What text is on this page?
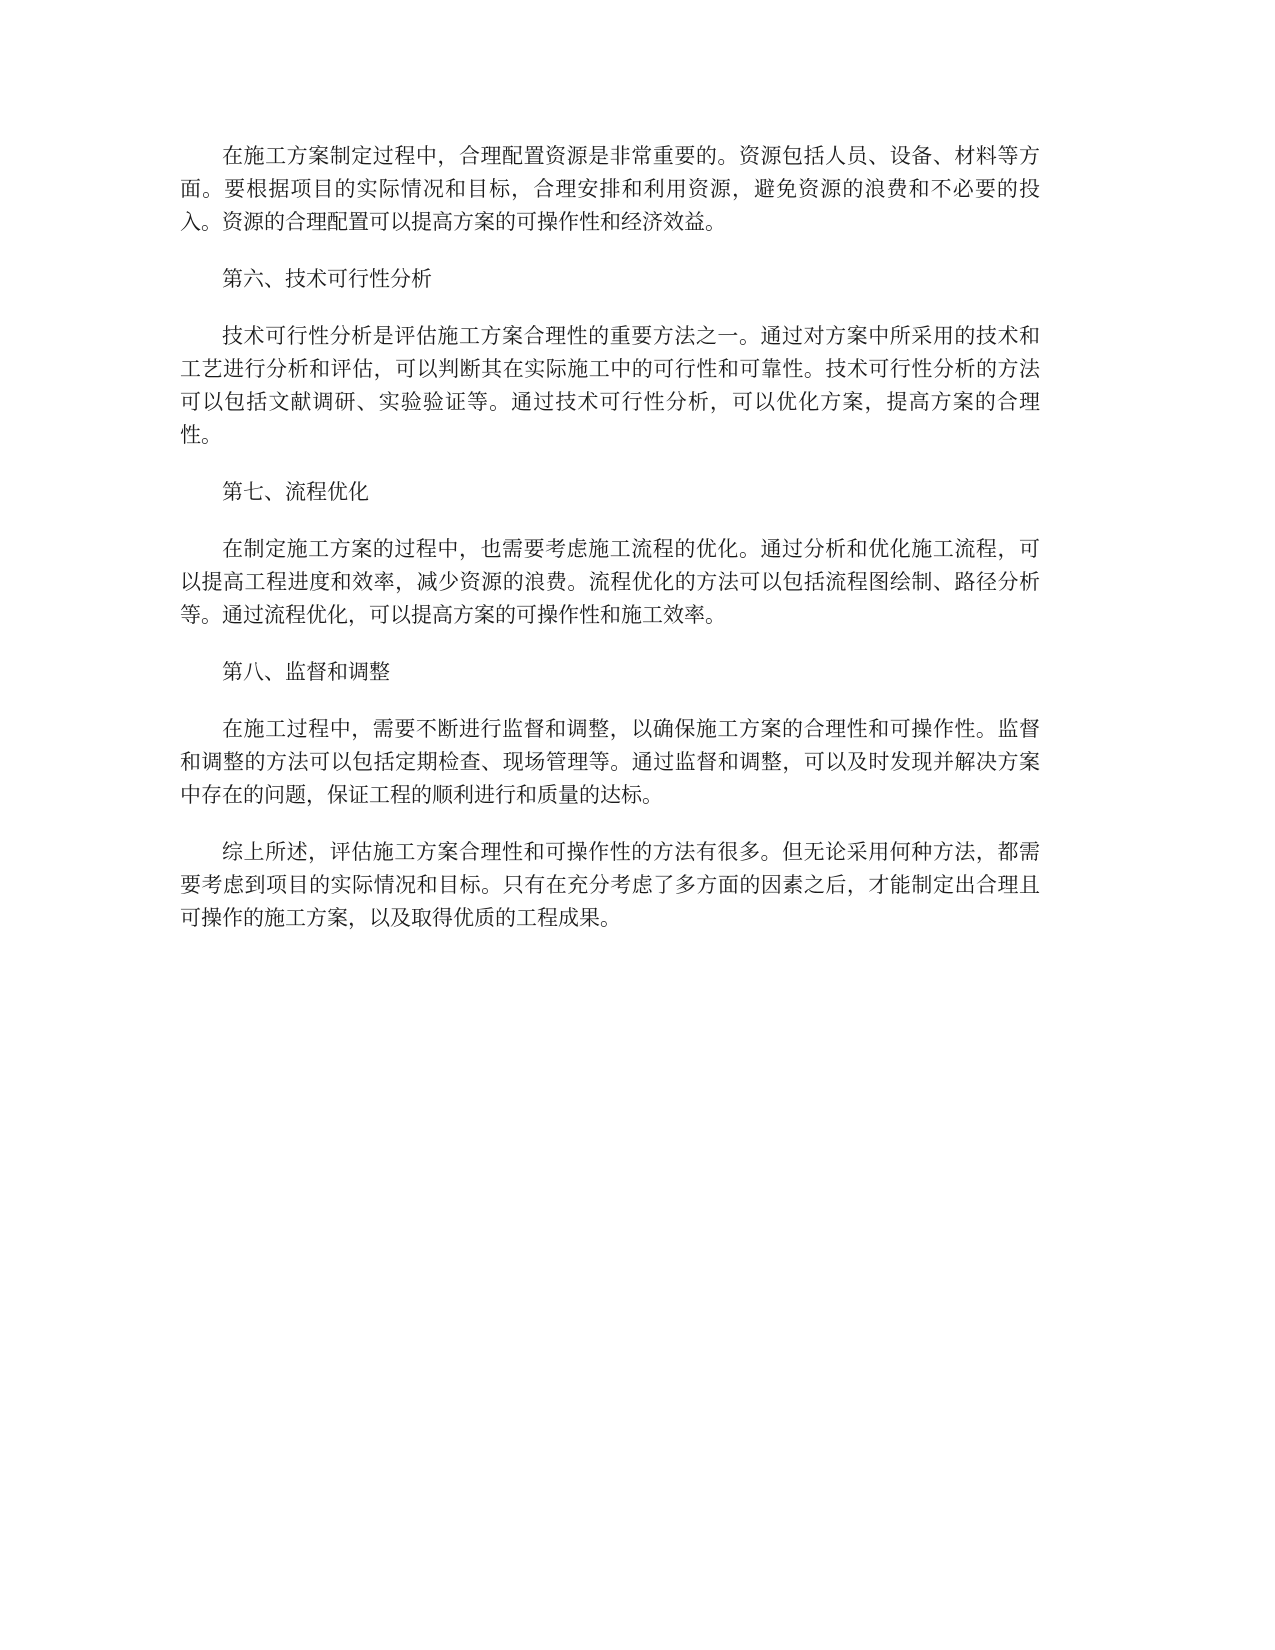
在施工方案制定过程中，合理配置资源是非常重要的。资源包括人员、设备、材料等方面。要根据项目的实际情况和目标，合理安排和利用资源，避免资源的浪费和不必要的投入。资源的合理配置可以提高方案的可操作性和经济效益。

第六、技术可行性分析

技术可行性分析是评估施工方案合理性的重要方法之一。通过对方案中所采用的技术和工艺进行分析和评估，可以判断其在实际施工中的可行性和可靠性。技术可行性分析的方法可以包括文献调研、实验验证等。通过技术可行性分析，可以优化方案，提高方案的合理性。

第七、流程优化

在制定施工方案的过程中，也需要考虑施工流程的优化。通过分析和优化施工流程，可以提高工程进度和效率，减少资源的浪费。流程优化的方法可以包括流程图绘制、路径分析等。通过流程优化，可以提高方案的可操作性和施工效率。

第八、监督和调整

在施工过程中，需要不断进行监督和调整，以确保施工方案的合理性和可操作性。监督和调整的方法可以包括定期检查、现场管理等。通过监督和调整，可以及时发现并解决方案中存在的问题，保证工程的顺利进行和质量的达标。

综上所述，评估施工方案合理性和可操作性的方法有很多。但无论采用何种方法，都需要考虑到项目的实际情况和目标。只有在充分考虑了多方面的因素之后，才能制定出合理且可操作的施工方案，以及取得优质的工程成果。
